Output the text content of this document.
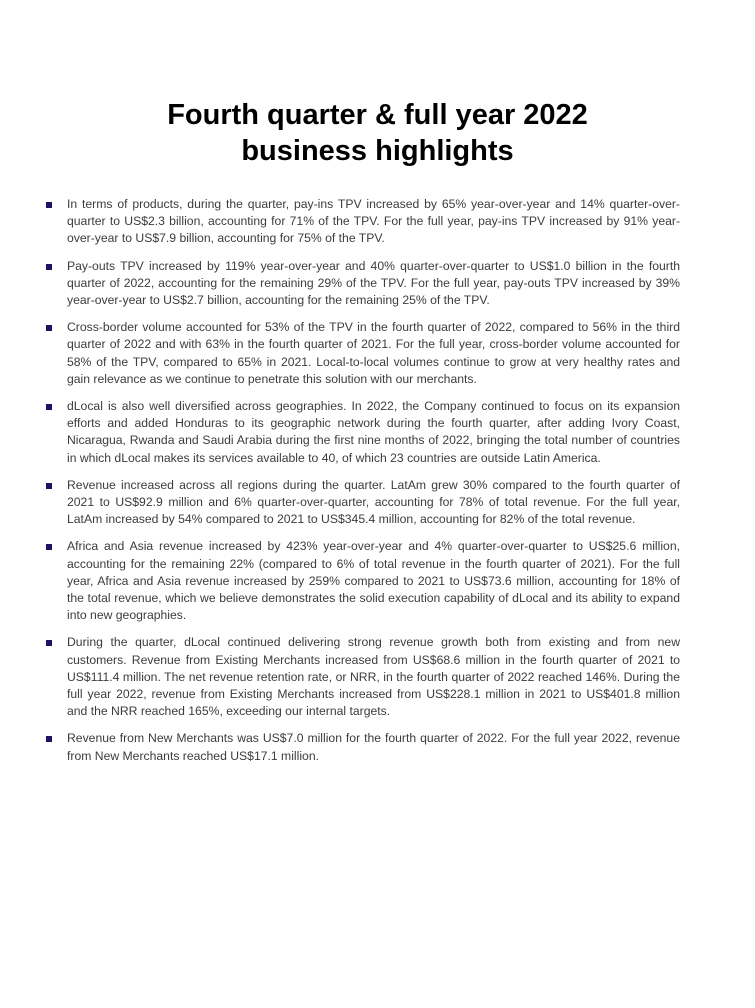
Fourth quarter & full year 2022
business highlights
In terms of products, during the quarter, pay-ins TPV increased by 65% year-over-year and 14% quarter-over-quarter to US$2.3 billion, accounting for 71% of the TPV. For the full year, pay-ins TPV increased by 91% year-over-year to US$7.9 billion, accounting for 75% of the TPV.
Pay-outs TPV increased by 119% year-over-year and 40% quarter-over-quarter to US$1.0 billion in the fourth quarter of 2022, accounting for the remaining 29% of the TPV. For the full year, pay-outs TPV increased by 39% year-over-year to US$2.7 billion, accounting for the remaining 25% of the TPV.
Cross-border volume accounted for 53% of the TPV in the fourth quarter of 2022, compared to 56% in the third quarter of 2022 and with 63% in the fourth quarter of 2021. For the full year, cross-border volume accounted for 58% of the TPV, compared to 65% in 2021. Local-to-local volumes continue to grow at very healthy rates and gain relevance as we continue to penetrate this solution with our merchants.
dLocal is also well diversified across geographies. In 2022, the Company continued to focus on its expansion efforts and added Honduras to its geographic network during the fourth quarter, after adding Ivory Coast, Nicaragua, Rwanda and Saudi Arabia during the first nine months of 2022, bringing the total number of countries in which dLocal makes its services available to 40, of which 23 countries are outside Latin America.
Revenue increased across all regions during the quarter. LatAm grew 30% compared to the fourth quarter of 2021 to US$92.9 million and 6% quarter-over-quarter, accounting for 78% of total revenue. For the full year, LatAm increased by 54% compared to 2021 to US$345.4 million, accounting for 82% of the total revenue.
Africa and Asia revenue increased by 423% year-over-year and 4% quarter-over-quarter to US$25.6 million, accounting for the remaining 22% (compared to 6% of total revenue in the fourth quarter of 2021). For the full year, Africa and Asia revenue increased by 259% compared to 2021 to US$73.6 million, accounting for 18% of the total revenue, which we believe demonstrates the solid execution capability of dLocal and its ability to expand into new geographies.
During the quarter, dLocal continued delivering strong revenue growth both from existing and from new customers. Revenue from Existing Merchants increased from US$68.6 million in the fourth quarter of 2021 to US$111.4 million. The net revenue retention rate, or NRR, in the fourth quarter of 2022 reached 146%. During the full year 2022, revenue from Existing Merchants increased from US$228.1 million in 2021 to US$401.8 million and the NRR reached 165%, exceeding our internal targets.
Revenue from New Merchants was US$7.0 million for the fourth quarter of 2022. For the full year 2022, revenue from New Merchants reached US$17.1 million.
